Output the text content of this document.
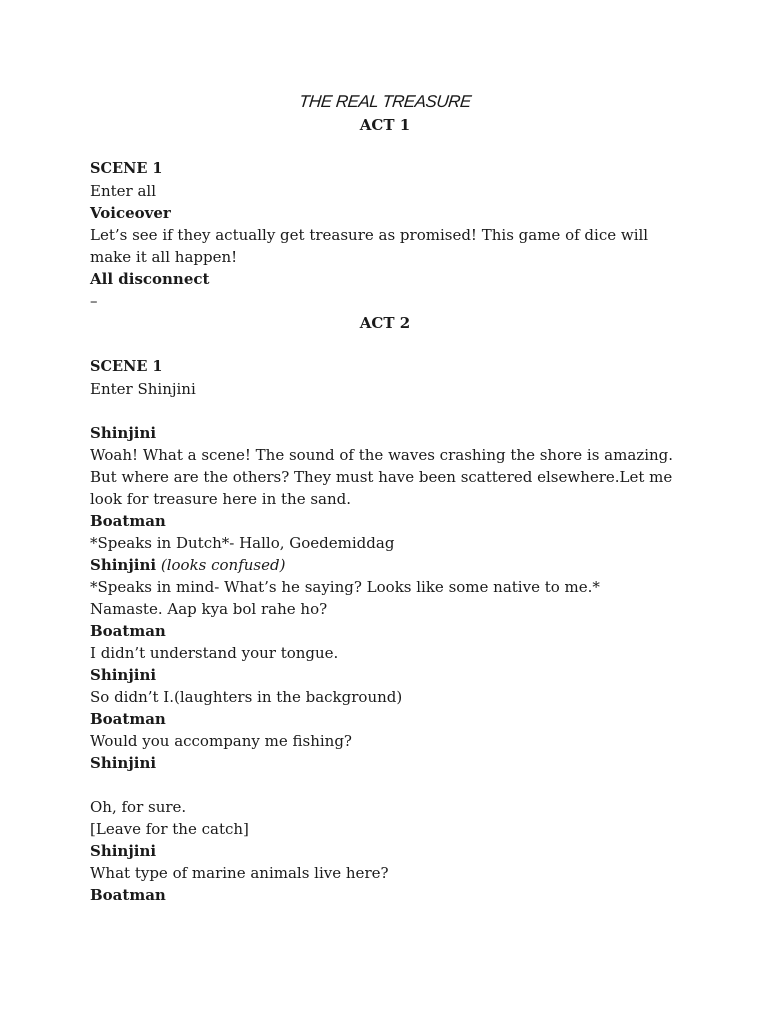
THE REAL TREASURE
ACT 1
SCENE 1
Enter all
Voiceover
Let’s see if they actually get treasure as promised! This game of dice will make it all happen!
All disconnect
–
ACT 2
SCENE 1
Enter Shinjini
Shinjini
Woah! What a scene! The sound of the waves crashing the shore is amazing. But where are the others? They must have been scattered elsewhere.Let me look for treasure here in the sand.
Boatman
*Speaks in Dutch*- Hallo, Goedemiddag
Shinjini (looks confused)
*Speaks in mind- What’s he saying? Looks like some native to me.*
Namaste. Aap kya bol rahe ho?
Boatman
I didn’t understand your tongue.
Shinjini
So didn’t I.(laughters in the background)
Boatman
Would you accompany me fishing?
Shinjini
Oh, for sure.
[Leave for the catch]
Shinjini
What type of marine animals live here?
Boatman
